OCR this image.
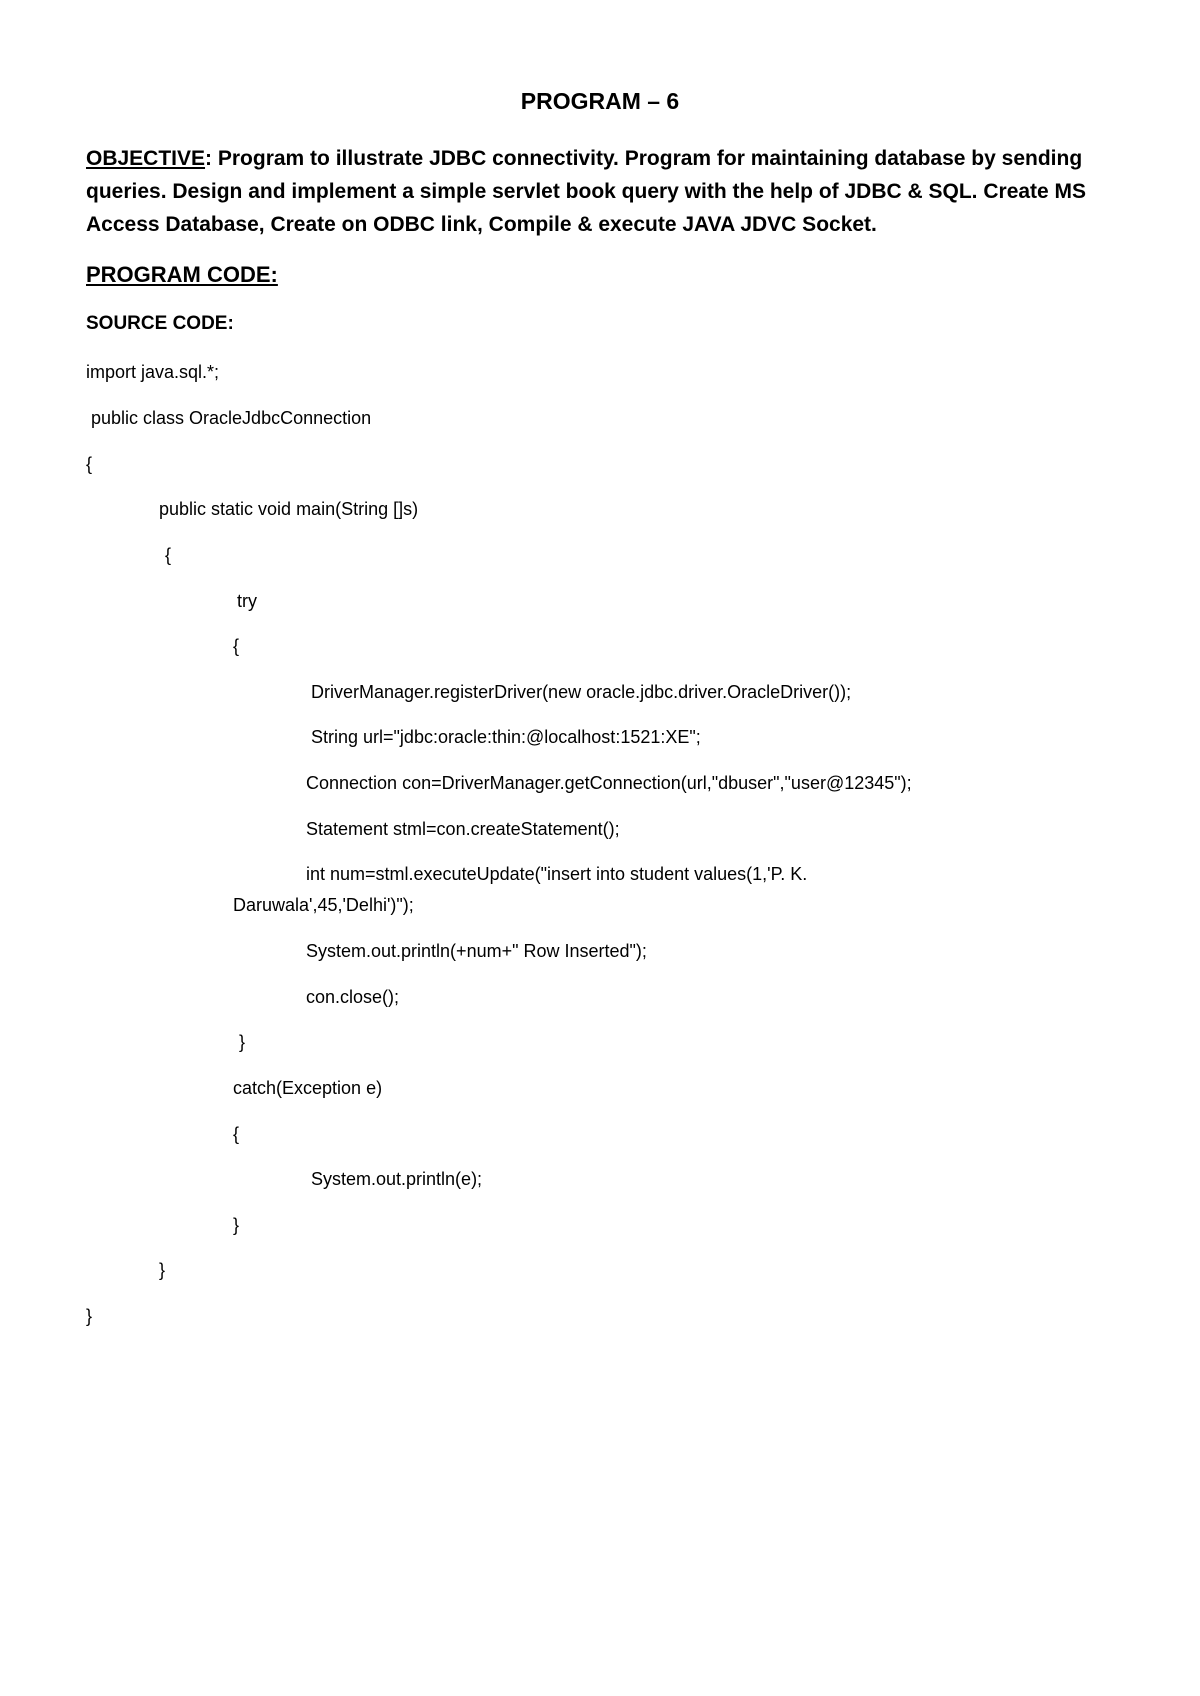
PROGRAM – 6
OBJECTIVE: Program to illustrate JDBC connectivity. Program for maintaining database by sending queries. Design and implement a simple servlet book query with the help of JDBC & SQL. Create MS Access Database, Create on ODBC link, Compile & execute JAVA JDVC Socket.
PROGRAM CODE:
SOURCE CODE:
import java.sql.*;
public class OracleJdbcConnection
{
public static void main(String []s)
{
try
{
DriverManager.registerDriver(new oracle.jdbc.driver.OracleDriver());
String url="jdbc:oracle:thin:@localhost:1521:XE";
Connection con=DriverManager.getConnection(url,"dbuser","user@12345");
Statement stml=con.createStatement();
int num=stml.executeUpdate("insert into student values(1,'P. K.
Daruwala',45,'Delhi')");
System.out.println(+num+" Row Inserted");
con.close();
}
catch(Exception e)
{
System.out.println(e);
}
}
}
